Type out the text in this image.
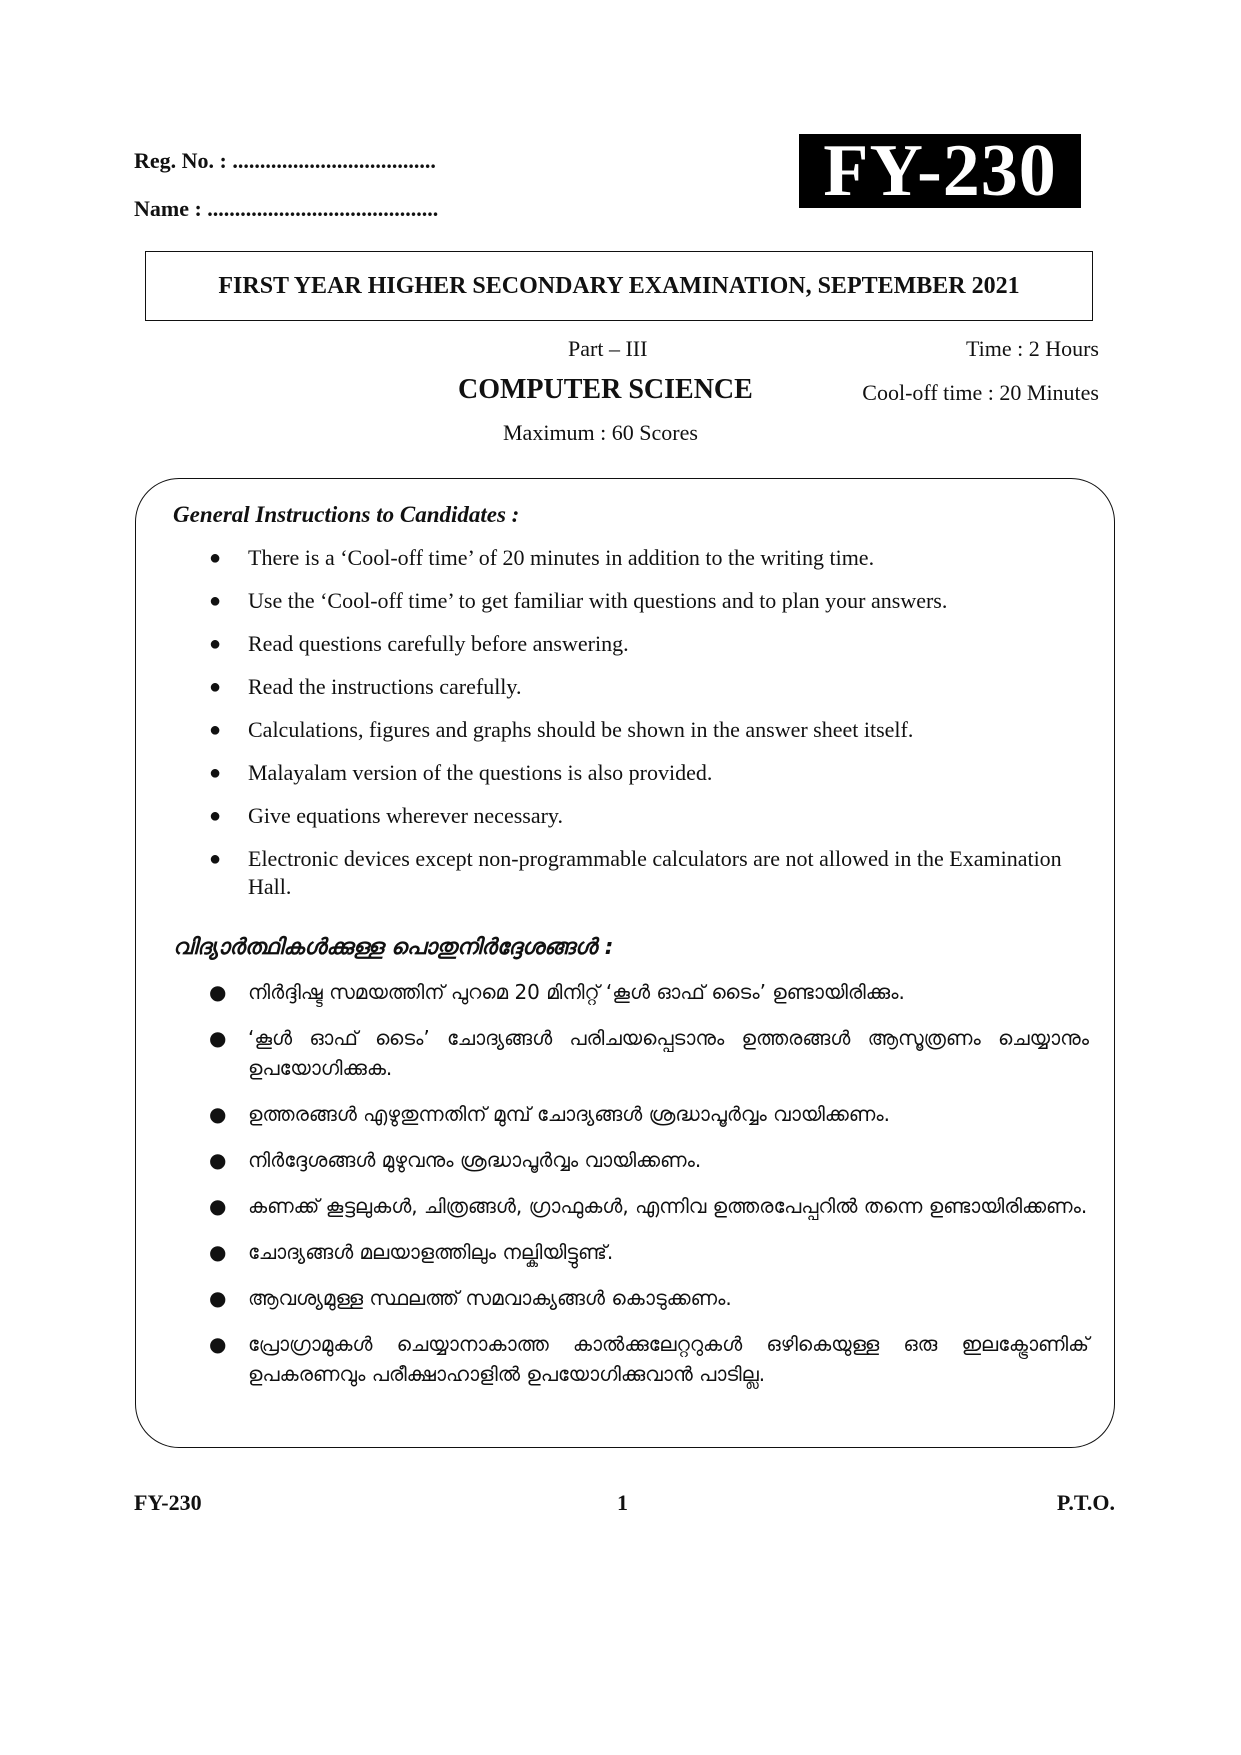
Reg. No. : .....................................
Name : ..........................................	FY-230
FIRST YEAR HIGHER SECONDARY EXAMINATION, SEPTEMBER 2021
Part – III	Time : 2 Hours
COMPUTER SCIENCE	Cool-off time : 20 Minutes
Maximum : 60 Scores
General Instructions to Candidates :
● There is a ‘Cool-off time’ of 20 minutes in addition to the writing time.
● Use the ‘Cool-off time’ to get familiar with questions and to plan your answers.
● Read questions carefully before answering.
● Read the instructions carefully.
● Calculations, figures and graphs should be shown in the answer sheet itself.
● Malayalam version of the questions is also provided.
● Give equations wherever necessary.
● Electronic devices except non-programmable calculators are not allowed in the Examination Hall.
വിദ്യാർത്ഥികൾക്കുള്ള പൊതുനിർദ്ദേശങ്ങൾ :
● നിർദ്ദിഷ്ട സമയത്തിന് പുറമെ 20 മിനിറ്റ് ‘കൂൾ ഓഫ് ടൈം’ ഉണ്ടായിരിക്കും.
● ‘കൂൾ ഓഫ് ടൈം’ ചോദ്യങ്ങൾ പരിചയപ്പെടാനും ഉത്തരങ്ങൾ ആസൂത്രണം ചെയ്യാനും ഉപയോഗിക്കുക.
● ഉത്തരങ്ങൾ എഴുതുന്നതിന് മുമ്പ് ചോദ്യങ്ങൾ ശ്രദ്ധാപൂർവ്വം വായിക്കണം.
● നിർദ്ദേശങ്ങൾ മുഴുവനും ശ്രദ്ധാപൂർവ്വം വായിക്കണം.
● കണക്ക് കൂട്ടലുകൾ, ചിത്രങ്ങൾ, ഗ്രാഫുകൾ, എന്നിവ ഉത്തരപേപ്പറിൽ തന്നെ ഉണ്ടായിരിക്കണം.
● ചോദ്യങ്ങൾ മലയാളത്തിലും നല്കിയിട്ടുണ്ട്.
● ആവശ്യമുള്ള സ്ഥലത്ത് സമവാക്യങ്ങൾ കൊടുക്കണം.
● പ്രോഗ്രാമുകൾ ചെയ്യാനാകാത്ത കാൽക്കുലേറ്ററുകൾ ഒഴികെയുള്ള ഒരു ഇലക്ട്രോണിക് ഉപകരണവും പരീക്ഷാഹാളിൽ ഉപയോഗിക്കുവാൻ പാടില്ല.
FY-230	1	P.T.O.
